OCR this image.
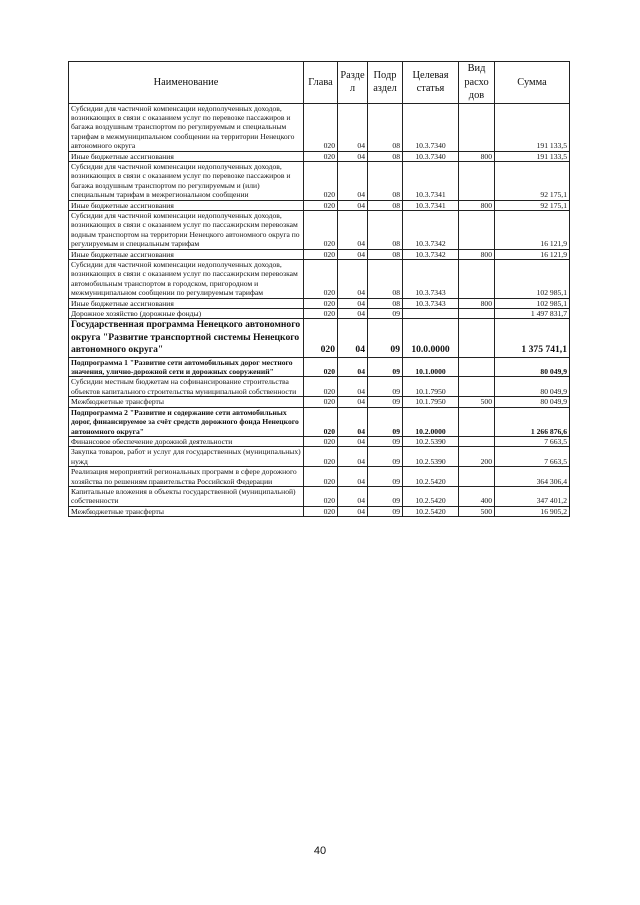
Наименование	Глава	Разде л	Подр аздел	Целевая статья	Вид расхо дов	Сумма
Субсидии для частичной компенсации недополученных доходов, возникающих в связи с оказанием услуг по перевозке пассажиров и багажа воздушным транспортом по регулируемым и специальным тарифам в межмуниципальном сообщении на территории Ненецкого автономного округа	020	04	08	10.3.7340		191 133,5
Иные бюджетные ассигнования	020	04	08	10.3.7340	800	191 133,5
Субсидии для частичной компенсации недополученных доходов, возникающих в связи с оказанием услуг по перевозке пассажиров и багажа воздушным транспортом по регулируемым и (или) специальным тарифам в межрегиональном сообщении	020	04	08	10.3.7341		92 175,1
Иные бюджетные ассигнования	020	04	08	10.3.7341	800	92 175,1
Субсидии для частичной компенсации недополученных доходов, возникающих в связи с оказанием услуг по пассажирским перевозкам водным транспортом на территории Ненецкого автономного округа по регулируемым и специальным тарифам	020	04	08	10.3.7342		16 121,9
Иные бюджетные ассигнования	020	04	08	10.3.7342	800	16 121,9
Субсидии для частичной компенсации недополученных доходов, возникающих в связи с оказанием услуг по пассажирским перевозкам автомобильным транспортом в городском, пригородном и межмуниципальном сообщении по регулируемым тарифам	020	04	08	10.3.7343		102 985,1
Иные бюджетные ассигнования	020	04	08	10.3.7343	800	102 985,1
Дорожное хозяйство (дорожные фонды)	020	04	09			1 497 831,7
Государственная программа Ненецкого автономного округа "Развитие транспортной системы Ненецкого автономного округа"	020	04	09	10.0.0000		1 375 741,1
Подпрограмма 1 "Развитие сети автомобильных дорог местного значения, улично-дорожной сети и дорожных сооружений"	020	04	09	10.1.0000		80 049,9
Субсидии местным бюджетам на софинансирование строительства объектов капитального строительства муниципальной собственности	020	04	09	10.1.7950		80 049,9
Межбюджетные трансферты	020	04	09	10.1.7950	500	80 049,9
Подпрограмма 2 "Развитие и содержание сети автомобильных дорог, финансируемое за счёт средств дорожного фонда Ненецкого автономного округа"	020	04	09	10.2.0000		1 266 876,6
Финансовое обеспечение дорожной деятельности	020	04	09	10.2.5390		7 663,5
Закупка товаров, работ и услуг для государственных (муниципальных) нужд	020	04	09	10.2.5390	200	7 663,5
Реализация мероприятий региональных программ в сфере дорожного хозяйства по решениям правительства Российской Федерации	020	04	09	10.2.5420		364 306,4
Капитальные вложения в объекты государственной (муниципальной) собственности	020	04	09	10.2.5420	400	347 401,2
Межбюджетные трансферты	020	04	09	10.2.5420	500	16 905,2
40
